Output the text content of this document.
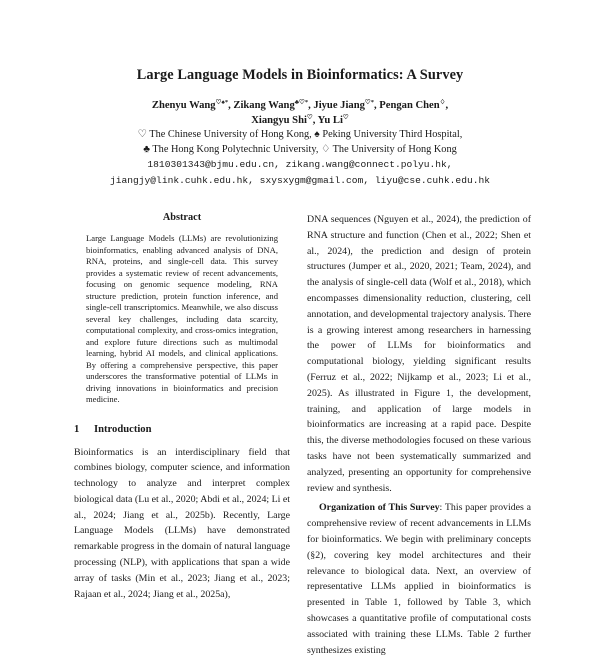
Large Language Models in Bioinformatics: A Survey
Zhenyu Wang♡♠*, Zikang Wang♣♡*, Jiyue Jiang♡*, Pengan Chen♢,
Xiangyu Shi♡, Yu Li♡
♡ The Chinese University of Hong Kong, ♠ Peking University Third Hospital,
♣ The Hong Kong Polytechnic University, ♢ The University of Hong Kong
1810301343@bjmu.edu.cn, zikang.wang@connect.polyu.hk,
jiangjy@link.cuhk.edu.hk, sxysxygm@gmail.com, liyu@cse.cuhk.edu.hk
Abstract

Large Language Models (LLMs) are revolutionizing bioinformatics, enabling advanced analysis of DNA, RNA, proteins, and single-cell data. This survey provides a systematic review of recent advancements, focusing on genomic sequence modeling, RNA structure prediction, protein function inference, and single-cell transcriptomics. Meanwhile, we also discuss several key challenges, including data scarcity, computational complexity, and cross-omics integration, and explore future directions such as multimodal learning, hybrid AI models, and clinical applications. By offering a comprehensive perspective, this paper underscores the transformative potential of LLMs in driving innovations in bioinformatics and precision medicine.

1 Introduction

Bioinformatics is an interdisciplinary field that combines biology, computer science, and information technology to analyze and interpret complex biological data (Lu et al., 2020; Abdi et al., 2024; Li et al., 2024; Jiang et al., 2025b). Recently, Large Language Models (LLMs) have demonstrated remarkable progress in the domain of natural language processing (NLP), with applications that span a wide array of tasks (Min et al., 2023; Jiang et al., 2023; Rajaan et al., 2024; Jiang et al., 2025a),

DNA sequences (Nguyen et al., 2024), the prediction of RNA structure and function (Chen et al., 2022; Shen et al., 2024), the prediction and design of protein structures (Jumper et al., 2020, 2021; Team, 2024), and the analysis of single-cell data (Wolf et al., 2018), which encompasses dimensionality reduction, clustering, cell annotation, and developmental trajectory analysis. There is a growing interest among researchers in harnessing the power of LLMs for bioinformatics and computational biology, yielding significant results (Ferruz et al., 2022; Nijkamp et al., 2023; Li et al., 2025). As illustrated in Figure 1, the development, training, and application of large models in bioinformatics are increasing at a rapid pace. Despite this, the diverse methodologies focused on these various tasks have not been systematically summarized and analyzed, presenting an opportunity for comprehensive review and synthesis.

Organization of This Survey: This paper provides a comprehensive review of recent advancements in LLMs for bioinformatics. We begin with preliminary concepts (§2), covering key model architectures and their relevance to biological data. Next, an overview of representative LLMs applied in bioinformatics is presented in Table 1, followed by Table 3, which showcases a quantitative profile of computational costs associated with training these LLMs. Table 2 further synthesizes existing
